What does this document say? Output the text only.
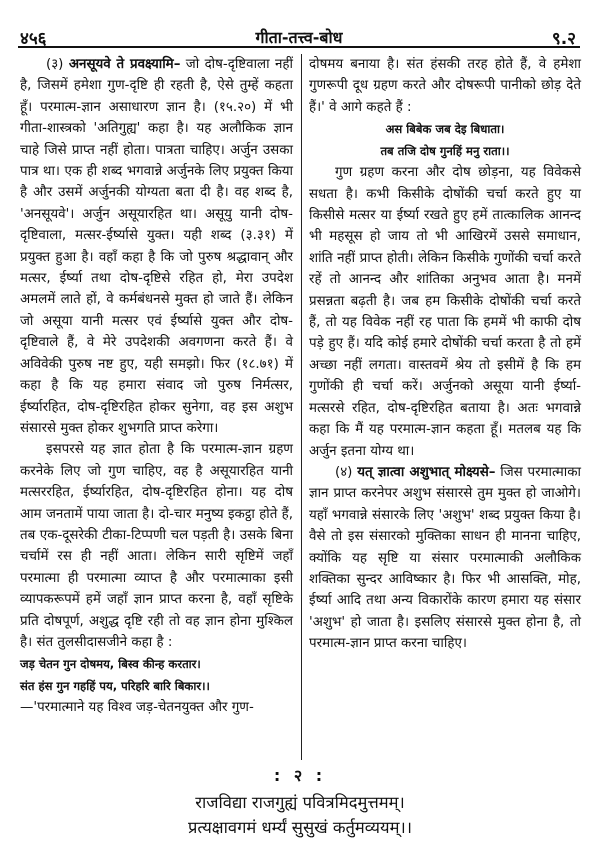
४५६	गीता-तत्त्व-बोध	९.२

(३) अनसूयवे ते प्रवक्ष्यामि– जो दोष-दृष्टिवाला नहीं है, जिसमें हमेशा गुण-दृष्टि ही रहती है, ऐसे तुम्हें कहता हूँ। परमात्म-ज्ञान असाधारण ज्ञान है। (१५.२०) में भी गीता-शास्त्रको 'अतिगुह्य' कहा है। यह अलौकिक ज्ञान चाहे जिसे प्राप्त नहीं होता। पात्रता चाहिए। अर्जुन उसका पात्र था। एक ही शब्द भगवान्ने अर्जुनके लिए प्रयुक्त किया है और उसमें अर्जुनकी योग्यता बता दी है। वह शब्द है, 'अनसूयवे'। अर्जुन असूयारहित था। असूयु यानी दोष-दृष्टिवाला, मत्सर-ईर्ष्यासे युक्त। यही शब्द (३.३१) में प्रयुक्त हुआ है। वहाँ कहा है कि जो पुरुष श्रद्धावान् और मत्सर, ईर्ष्या तथा दोष-दृष्टिसे रहित हो, मेरा उपदेश अमलमें लाते हों, वे कर्मबंधनसे मुक्त हो जाते हैं। लेकिन जो असूया यानी मत्सर एवं ईर्ष्यासे युक्त और दोष-दृष्टिवाले हैं, वे मेरे उपदेशकी अवगणना करते हैं। वे अविवेकी पुरुष नष्ट हुए, यही समझो। फिर (१८.७१) में कहा है कि यह हमारा संवाद जो पुरुष निर्मत्सर, ईर्ष्यारहित, दोष-दृष्टिरहित होकर सुनेगा, वह इस अशुभ संसारसे मुक्त होकर शुभगति प्राप्त करेगा।

इसपरसे यह ज्ञात होता है कि परमात्म-ज्ञान ग्रहण करनेके लिए जो गुण चाहिए, वह है असूयारहित यानी मत्सररहित, ईर्ष्यारहित, दोष-दृष्टिरहित होना। यह दोष आम जनतामें पाया जाता है। दो-चार मनुष्य इकट्ठा होते हैं, तब एक-दूसरेकी टीका-टिप्पणी चल पड़ती है। उसके बिना चर्चामें रस ही नहीं आता। लेकिन सारी सृष्टिमें जहाँ परमात्मा ही परमात्मा व्याप्त है और परमात्माका इसी व्यापकरूपमें हमें जहाँ ज्ञान प्राप्त करना है, वहाँ सृष्टिके प्रति दोषपूर्ण, अशुद्ध दृष्टि रही तो वह ज्ञान होना मुश्किल है। संत तुलसीदासजीने कहा है :

जड़ चेतन गुन दोषमय, बिस्व कीन्ह करतार।

संत हंस गुन गहहिं पय, परिहरि बारि बिकार।।

—'परमात्माने यह विश्व जड़-चेतनयुक्त और गुण-

दोषमय बनाया है। संत हंसकी तरह होते हैं, वे हमेशा गुणरूपी दूध ग्रहण करते और दोषरूपी पानीको छोड़ देते हैं।' वे आगे कहते हैं :

अस बिबेक जब देइ बिधाता।

तब तजि दोष गुनहिं मनु राता।।

गुण ग्रहण करना और दोष छोड़ना, यह विवेकसे सधता है। कभी किसीके दोषोंकी चर्चा करते हुए या किसीसे मत्सर या ईर्ष्या रखते हुए हमें तात्कालिक आनन्द भी महसूस हो जाय तो भी आखिरमें उससे समाधान, शांति नहीं प्राप्त होती। लेकिन किसीके गुणोंकी चर्चा करते रहें तो आनन्द और शांतिका अनुभव आता है। मनमें प्रसन्नता बढ़ती है। जब हम किसीके दोषोंकी चर्चा करते हैं, तो यह विवेक नहीं रह पाता कि हममें भी काफी दोष पड़े हुए हैं। यदि कोई हमारे दोषोंकी चर्चा करता है तो हमें अच्छा नहीं लगता। वास्तवमें श्रेय तो इसीमें है कि हम गुणोंकी ही चर्चा करें। अर्जुनको असूया यानी ईर्ष्या-मत्सरसे रहित, दोष-दृष्टिरहित बताया है। अतः भगवान्ने कहा कि मैं यह परमात्म-ज्ञान कहता हूँ। मतलब यह कि अर्जुन इतना योग्य था।

(४) यत् ज्ञात्वा अशुभात् मोक्ष्यसे– जिस परमात्माका ज्ञान प्राप्त करनेपर अशुभ संसारसे तुम मुक्त हो जाओगे। यहाँ भगवान्ने संसारके लिए 'अशुभ' शब्द प्रयुक्त किया है। वैसे तो इस संसारको मुक्तिका साधन ही मानना चाहिए, क्योंकि यह सृष्टि या संसार परमात्माकी अलौकिक शक्तिका सुन्दर आविष्कार है। फिर भी आसक्ति, मोह, ईर्ष्या आदि तथा अन्य विकारोंके कारण हमारा यह संसार 'अशुभ' हो जाता है। इसलिए संसारसे मुक्त होना है, तो परमात्म-ज्ञान प्राप्त करना चाहिए।

: २ :
राजविद्या राजगुह्यं पवित्रमिदमुत्तमम्।
प्रत्यक्षावगमं धर्म्यं सुसुखं कर्तुमव्ययम्।।
